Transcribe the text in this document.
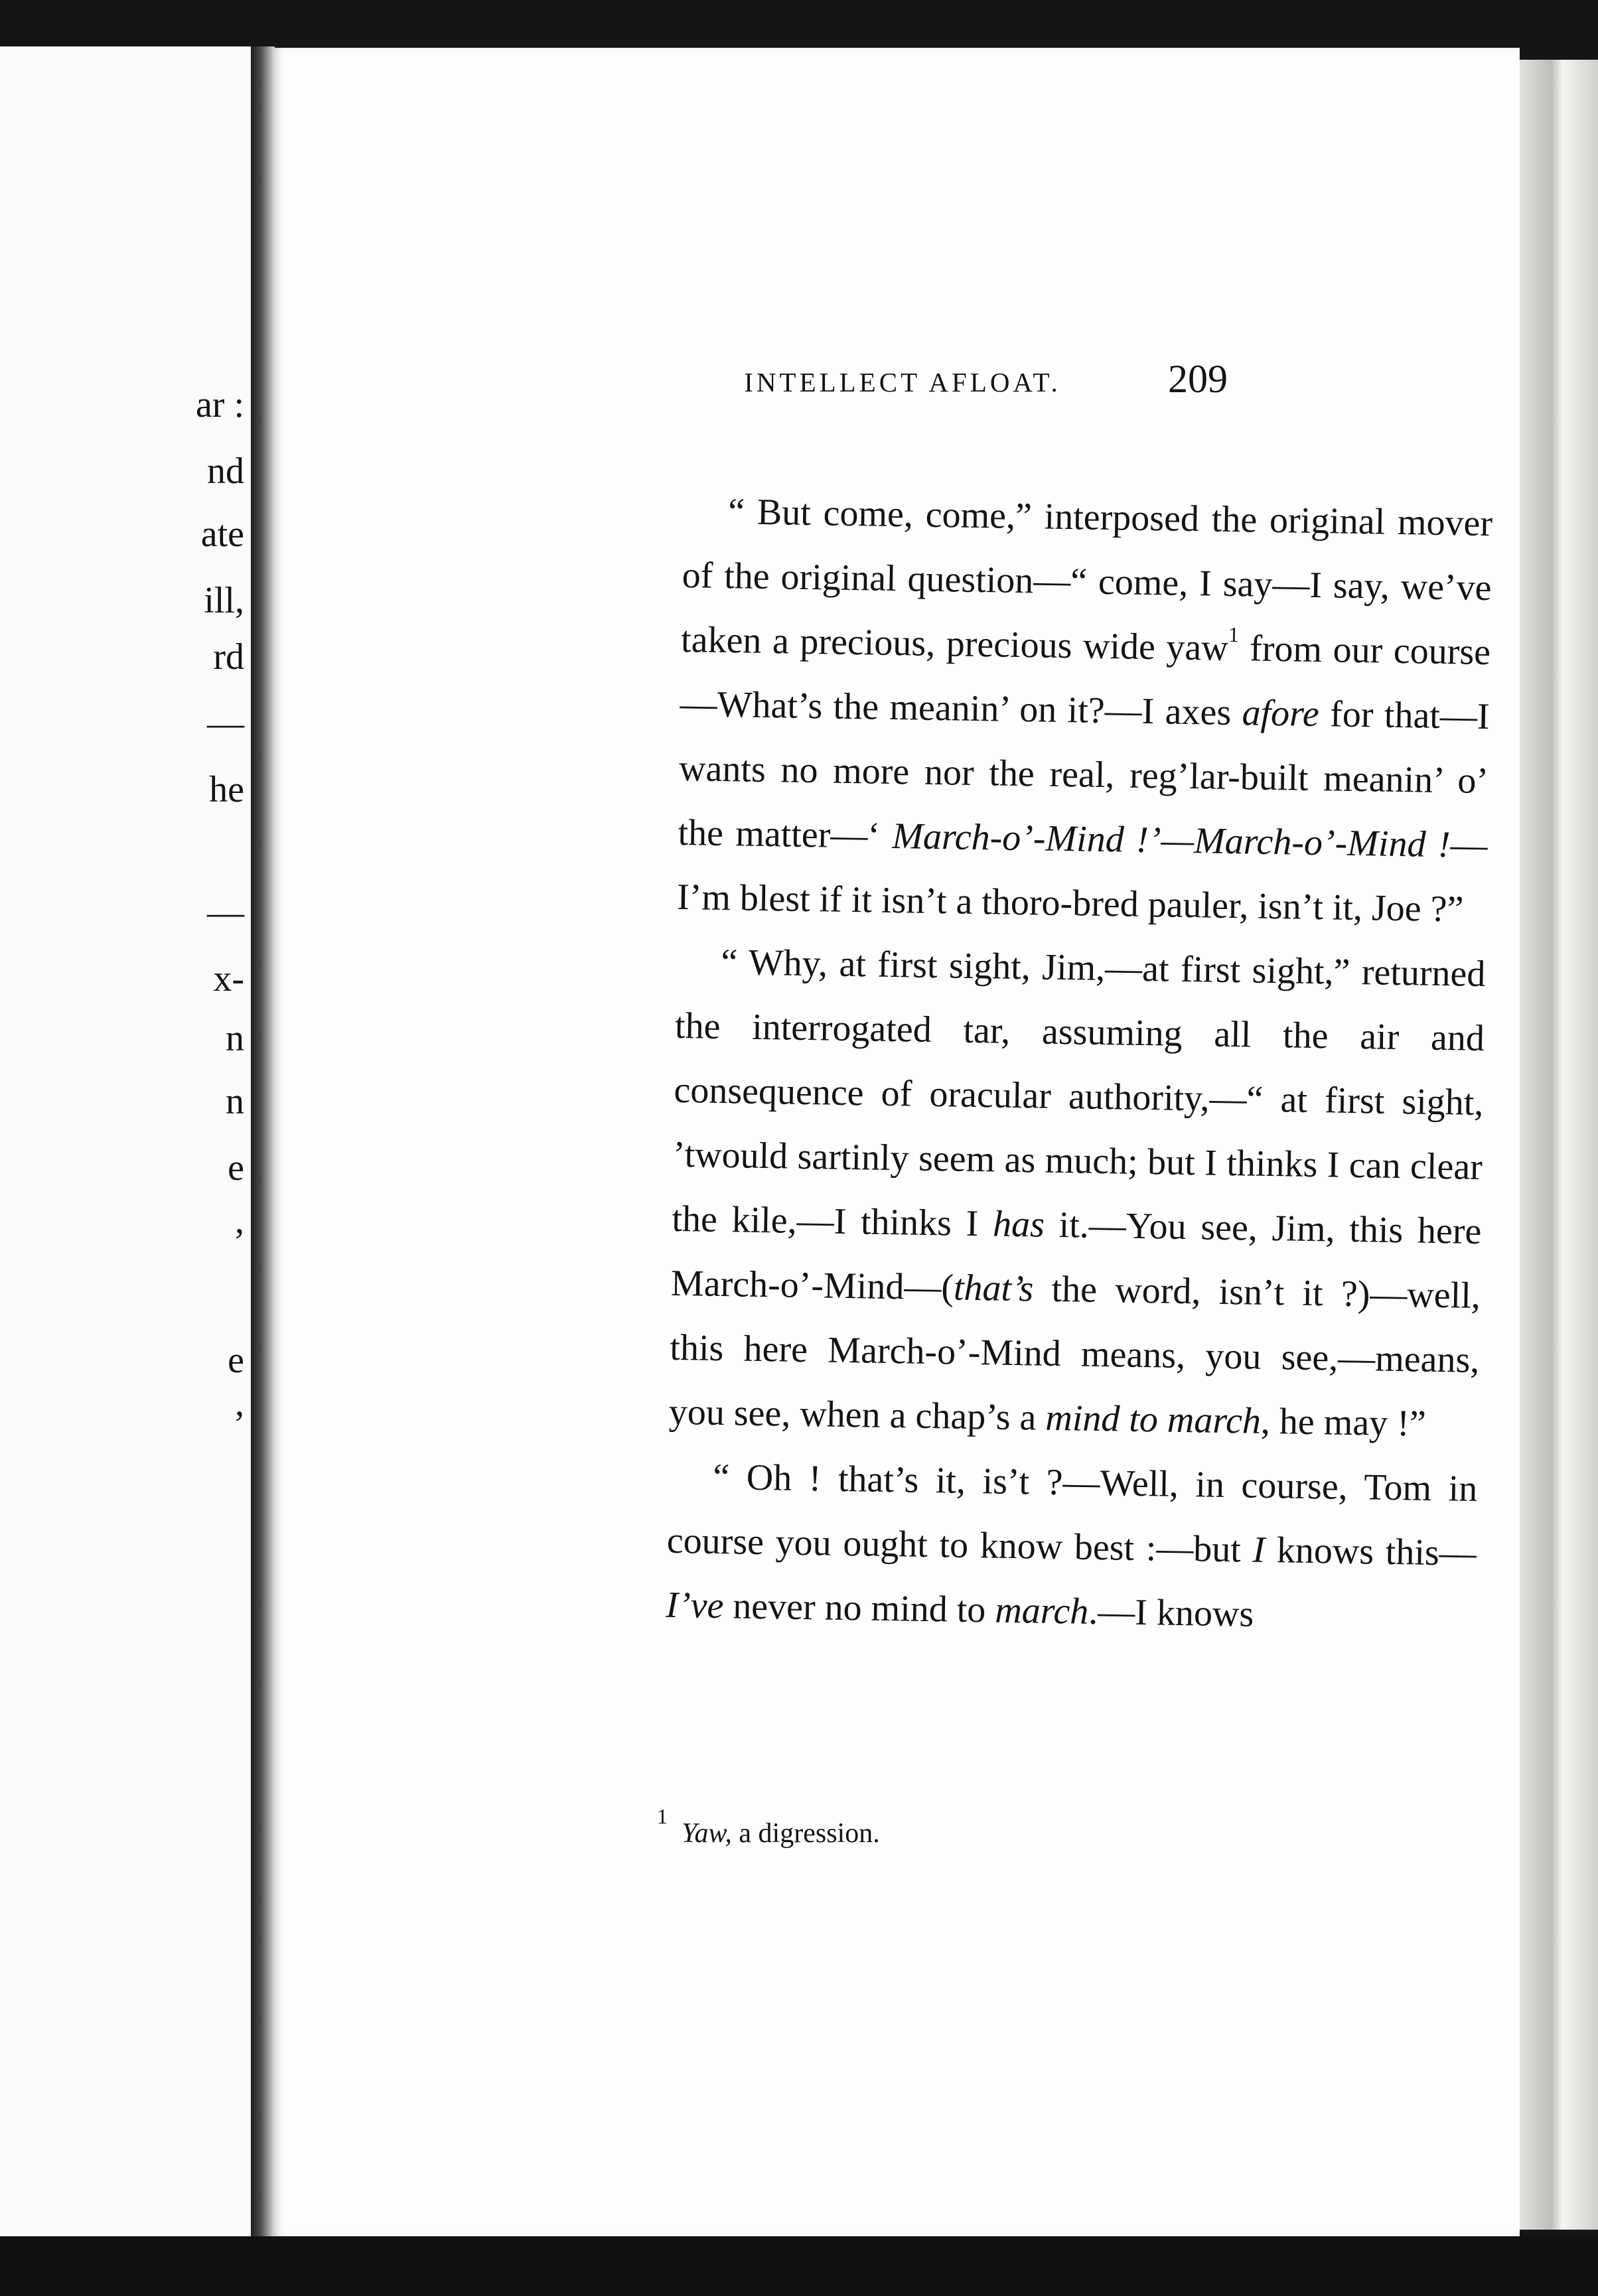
ar :
nd
ate
ill,
rd
—
he
—
x-
n
n
e
,
e
,
INTELLECT AFLOAT.	209

“ But come, come,” interposed the original mover of the original question—“ come, I say—I say, we’ve taken a precious, precious wide yaw$^1$ from our course—What’s the meanin’ on it?—I axes afore for that—I wants no more nor the real, reg’lar-built meanin’ o’ the matter—‘ March-o’-Mind !’—March-o’-Mind !—I’m blest if it isn’t a thoro-bred pauler, isn’t it, Joe ?”

“ Why, at first sight, Jim,—at first sight,” returned the interrogated tar, assuming all the air and consequence of oracular authority,—“ at first sight, ’twould sartinly seem as much; but I thinks I can clear the kile,—I thinks I has it.—You see, Jim, this here March-o’-Mind—(that’s the word, isn’t it ?)—well, this here March-o’-Mind means, you see,—means, you see, when a chap’s a mind to march, he may !”

“ Oh ! that’s it, is’t ?—Well, in course, Tom in course you ought to know best :—but I knows this—I’ve never no mind to march.—I knows

$^1$  Yaw, a digression.
